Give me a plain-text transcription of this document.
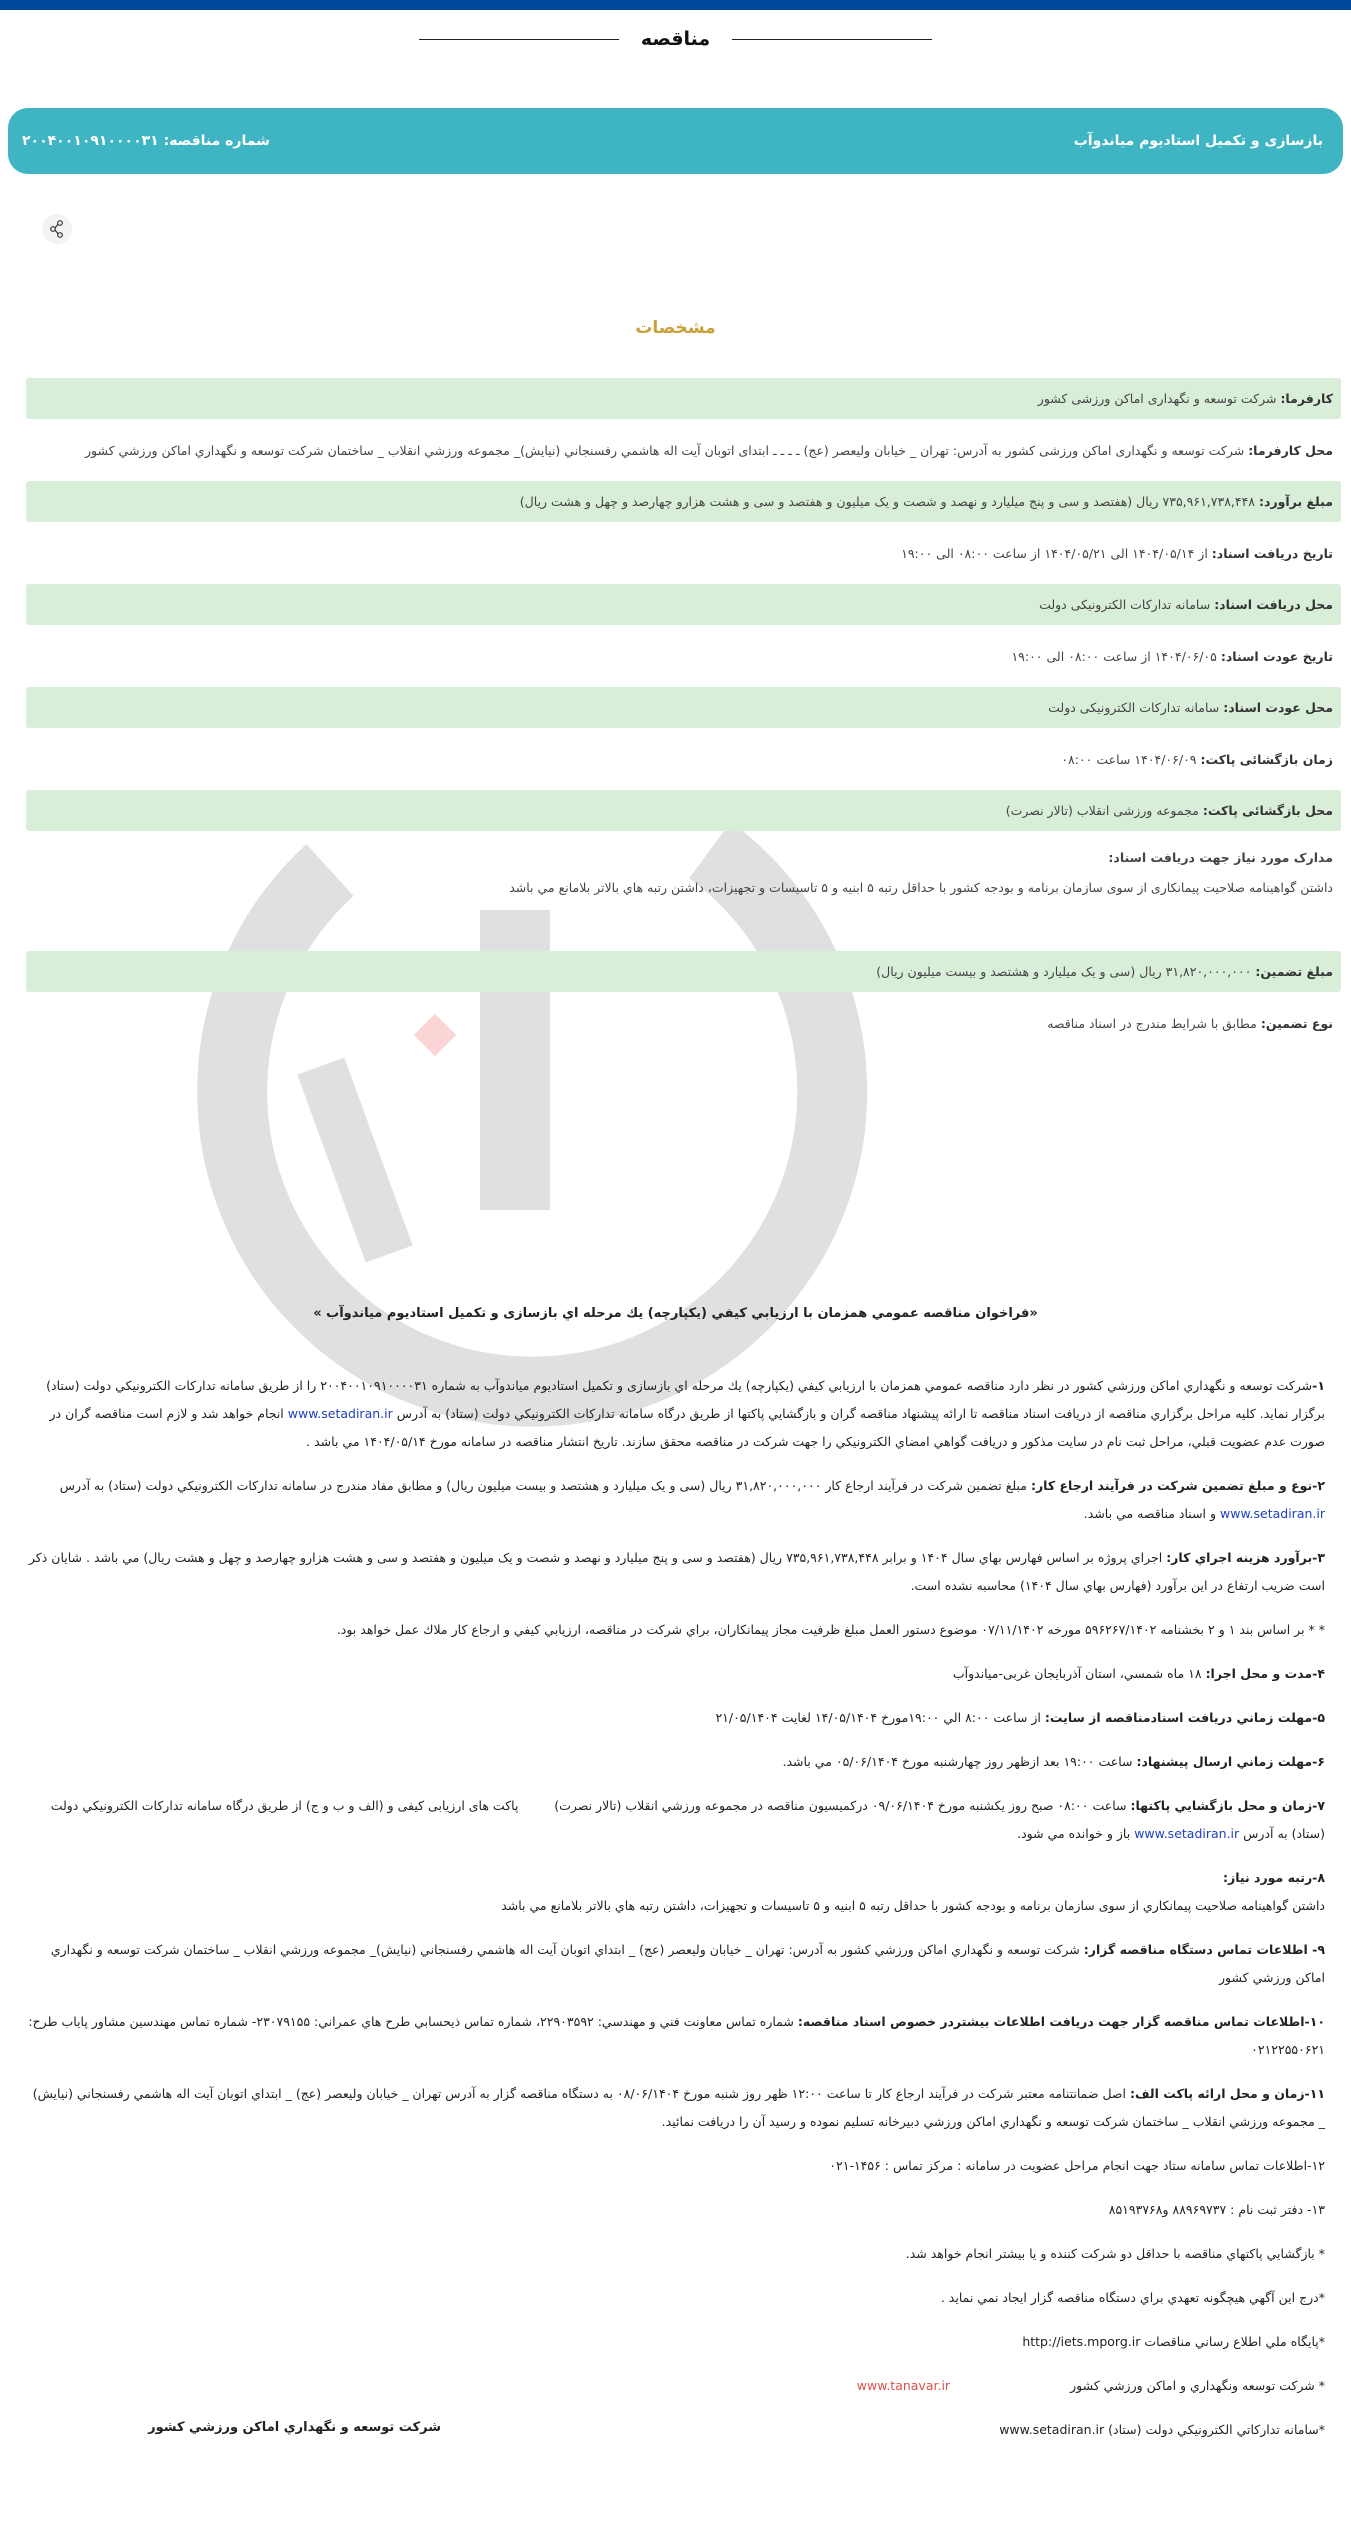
مناقصه
بازسازی و تکمیل استادیوم میاندوآب
شماره مناقصه: ۲۰۰۴۰۰۱۰۹۱۰۰۰۰۳۱
مشخصات
کارفرما:
شرکت توسعه و نگهداری اماکن ورزشی کشور
محل کارفرما:
شرکت توسعه و نگهداری اماکن ورزشی کشور به آدرس: تهران _ خیابان ولیعصر (عج) ـ ـ ـ ـ ابتدای اتوبان آیت اله هاشمي رفسنجاني (نيايش)_ مجموعه ورزشي انقلاب _ ساختمان شرکت توسعه و نگهداري اماکن ورزشي کشور
مبلغ برآورد:
۷۳۵,۹۶۱,۷۳۸,۴۴۸ ریال (هفتصد و سی و پنج میلیارد و نهصد و شصت و یک میلیون و هفتصد و سی و هشت هزارو چهارصد و چهل و هشت ریال)
تاریخ دریافت اسناد:
از ۱۴۰۴/۰۵/۱۴ الی ۱۴۰۴/۰۵/۲۱ از ساعت ۰۸:۰۰ الی ۱۹:۰۰
محل دریافت اسناد:
سامانه تدارکات الکترونیکی دولت
تاریخ عودت اسناد:
۱۴۰۴/۰۶/۰۵ از ساعت ۰۸:۰۰ الی ۱۹:۰۰
محل عودت اسناد:
سامانه تدارکات الکترونیکی دولت
زمان بازگشائی پاکت:
۱۴۰۴/۰۶/۰۹ ساعت ۰۸:۰۰
محل بازگشائی پاکت:
مجموعه ورزشی انقلاب (تالار نصرت)
مدارک مورد نیاز جهت دریافت اسناد:
داشتن گواهینامه صلاحیت پیمانکاری از سوی سازمان برنامه و بودجه کشور با حداقل رتبه ۵ ابنیه و ۵ تاسیسات و تجهیزات، داشتن رتبه هاي بالاتر بلامانع مي باشد
مبلغ تضمین:
۳۱,۸۲۰,۰۰۰,۰۰۰ ریال (سی و یک میلیارد و هشتصد و بیست میلیون ریال)
نوع تضمین:
مطابق با شرایط مندرج در اسناد مناقصه
«فراخوان مناقصه عمومي همزمان با ارزيابي كيفي (يكپارچه) يك مرحله اي بازسازی و تکمیل استادیوم میاندوآب »

۱-شرکت توسعه و نگهداري اماکن ورزشي کشور در نظر دارد مناقصه عمومي همزمان با ارزيابي كيفي (يكپارچه) يك مرحله اي بازسازی و تکمیل استادیوم میاندوآب به شماره ۲۰۰۴۰۰۱۰۹۱۰۰۰۰۳۱ را از طريق سامانه تداركات الكترونيكي دولت (ستاد) برگزار نمايد. كليه مراحل برگزاري مناقصه از دريافت اسناد مناقصه تا ارائه پيشنهاد مناقصه گران و بازگشايي پاكتها از طريق درگاه سامانه تداركات الكترونيكي دولت (ستاد) به آدرس www.setadiran.ir انجام خواهد شد و لازم است مناقصه گران در صورت عدم عضويت قبلي، مراحل ثبت نام در سايت مذكور و دريافت گواهي امضاي الكترونيكي را جهت شركت در مناقصه محقق سازند. تاريخ انتشار مناقصه در سامانه مورخ ۱۴۰۴/۰۵/۱۴ مي باشد .

۲-نوع و مبلغ تضمين شركت در فرآيند ارجاع كار: مبلغ تضمين شرکت در فرآيند ارجاع کار ۳۱,۸۲۰,۰۰۰,۰۰۰ ريال (سی و یک میلیارد و هشتصد و بیست میلیون ریال) و مطابق مفاد مندرج در سامانه تدارکات الکترونيکي دولت (ستاد) به آدرس www.setadiran.ir و اسناد مناقصه مي باشد.

۳-برآورد هزينه اجراي كار: اجراي پروژه بر اساس فهارس بهاي سال ۱۴۰۴ و برابر ۷۳۵,۹۶۱,۷۳۸,۴۴۸ ريال (هفتصد و سی و پنج میلیارد و نهصد و شصت و یک میلیون و هفتصد و سی و هشت هزارو چهارصد و چهل و هشت ريال) مي باشد . شايان ذکر است ضريب ارتفاع در اين برآورد (فهارس بهاي سال ۱۴۰۴) محاسبه نشده است.

* * بر اساس بند ۱ و ۲ بخشنامه ۵۹۶۲۶۷/۱۴۰۲ مورخه ۰۷/۱۱/۱۴۰۲ موضوع دستور العمل مبلغ ظرفيت مجاز پيمانكاران، براي شركت در مناقصه، ارزيابي كيفي و ارجاع كار ملاك عمل خواهد بود.

۴-مدت و محل اجرا: ۱۸ ماه شمسي، استان آذربایجان غربی-میاندوآب

۵-مهلت زماني دريافت اسنادمناقصه از سايت: از ساعت ۸:۰۰ الي ۱۹:۰۰مورخ ۱۴/۰۵/۱۴۰۴ لغايت ۲۱/۰۵/۱۴۰۴

۶-مهلت زماني ارسال پيشنهاد: ساعت ۱۹:۰۰ بعد ازظهر روز چهارشنبه مورخ ۰۵/۰۶/۱۴۰۴ مي باشد.

۷-زمان و محل بازگشايي پاكتها: ساعت ۰۸:۰۰ صبح روز يکشنبه مورخ ۰۹/۰۶/۱۴۰۴ درکميسيون مناقصه در مجموعه ورزشي انقلاب (تالار نصرت)         پاکت های ارزیابی کیفی و (الف و ب و ج) از طريق درگاه سامانه تداركات الكترونيكي دولت (ستاد) به آدرس www.setadiran.ir باز و خوانده مي شود.

۸-رتبه مورد نياز:
داشتن گواهينامه صلاحيت پيمانکاري از سوی سازمان برنامه و بودجه کشور با حداقل رتبه ۵ ابنیه و ۵ تاسیسات و تجهیزات، داشتن رتبه هاي بالاتر بلامانع مي باشد

۹- اطلاعات تماس دستگاه مناقصه گزار: شركت توسعه و نگهداري اماكن ورزشي كشور به آدرس: تهران _ خیابان ولیعصر (عج) _ ابتداي اتوبان آيت اله هاشمي رفسنجاني (نيايش)_ مجموعه ورزشي انقلاب _ ساختمان شركت توسعه و نگهداري اماكن ورزشي كشور

۱۰-اطلاعات تماس مناقصه گزار جهت دريافت اطلاعات بيشتردر خصوص اسناد مناقصه: شماره تماس معاونت فني و مهندسي: ۲۲۹۰۳۵۹۲، شماره تماس ذيحسابي طرح هاي عمراني: ۲۳۰۷۹۱۵۵- شماره تماس مهندسين مشاور پاياب طرح: ۰۲۱۲۲۵۵۰۶۲۱

۱۱-زمان و محل ارائه پاكت الف: اصل ضمانتنامه معتبر شرکت در فرآیند ارجاع کار تا ساعت ۱۲:۰۰ ظهر روز شنبه مورخ ۰۸/۰۶/۱۴۰۴ به دستگاه مناقصه گزار به آدرس تهران _ خیابان ولیعصر (عج) _ ابتداي اتوبان آيت اله هاشمي رفسنجاني (نيايش) _ مجموعه ورزشي انقلاب _ ساختمان شركت توسعه و نگهداري اماكن ورزشي دبيرخانه تسليم نموده و رسيد آن را دريافت نمائيد.

۱۲-اطلاعات تماس سامانه ستاد جهت انجام مراحل عضويت در سامانه : مركز تماس : ۱۴۵۶-۰۲۱

۱۳- دفتر ثبت نام : ۸۸۹۶۹۷۳۷ و۸۵۱۹۳۷۶۸

* بازگشايي پاكتهاي مناقصه با حداقل دو شركت كننده و يا بيشتر انجام خواهد شد.

*درج اين آگهي هيچگونه تعهدي براي دستگاه مناقصه گزار ايجاد نمي نمايد .

*پايگاه ملي اطلاع رساني مناقصات http://iets.mporg.ir

* شرکت توسعه ونگهداري و اماکن ورزشي کشور
www.tanavar.ir

*سامانه تداركاتي الكترونيكي دولت (ستاد) www.setadiran.ir

شركت توسعه و نگهداري اماكن ورزشي كشور
